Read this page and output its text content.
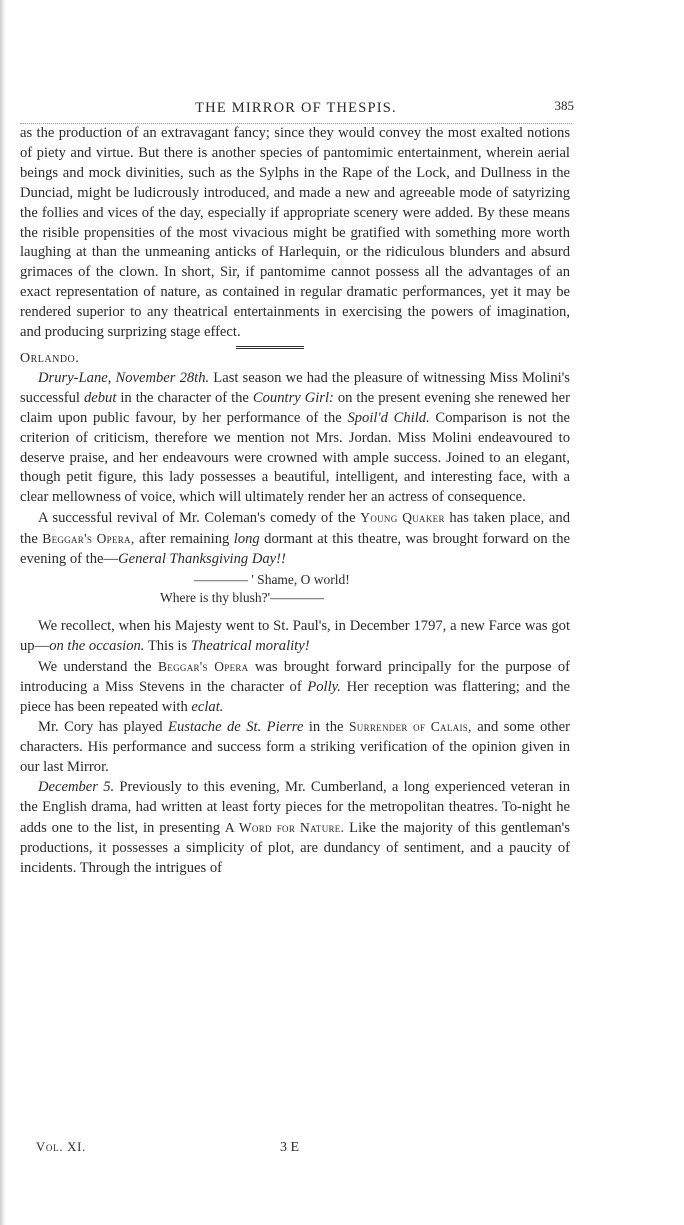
THE MIRROR OF THESPIS.	385

as the production of an extravagant fancy; since they would convey the most exalted notions of piety and virtue. But there is another species of pantomimic entertainment, wherein aerial beings and mock divinities, such as the Sylphs in the Rape of the Lock, and Dullness in the Dunciad, might be ludicrously introduced, and made a new and agreeable mode of satyrizing the follies and vices of the day, especially if appropriate scenery were added. By these means the risible propensities of the most vivacious might be gratified with something more worth laughing at than the unmeaning anticks of Harlequin, or the ridiculous blunders and absurd grimaces of the clown. In short, Sir, if pantomime cannot possess all the advantages of an exact representation of nature, as contained in regular dramatic performances, yet it may be rendered superior to any theatrical entertainments in exercising the powers of imagination, and producing surprizing stage effect.

Orlando.

Drury-Lane, November 28th. Last season we had the pleasure of witnessing Miss Molini's successful debut in the character of the Country Girl: on the present evening she renewed her claim upon public favour, by her performance of the Spoil'd Child. Comparison is not the criterion of criticism, therefore we mention not Mrs. Jordan. Miss Molini endeavoured to deserve praise, and her endeavours were crowned with ample success. Joined to an elegant, though petit figure, this lady possesses a beautiful, intelligent, and interesting face, with a clear mellowness of voice, which will ultimately render her an actress of consequence.

A successful revival of Mr. Coleman's comedy of the Young Quaker has taken place, and the Beggar's Opera, after remaining long dormant at this theatre, was brought forward on the evening of the—General Thanksgiving Day!!

———— ' Shame, O world!
Where is thy blush?'————

We recollect, when his Majesty went to St. Paul's, in December 1797, a new Farce was got up—on the occasion. This is Theatrical morality!

We understand the Beggar's Opera was brought forward principally for the purpose of introducing a Miss Stevens in the character of Polly. Her reception was flattering; and the piece has been repeated with eclat.

Mr. Cory has played Eustache de St. Pierre in the Surrender of Calais, and some other characters. His performance and success form a striking verification of the opinion given in our last Mirror.

December 5. Previously to this evening, Mr. Cumberland, a long experienced veteran in the English drama, had written at least forty pieces for the metropolitan theatres. To-night he adds one to the list, in presenting A Word for Nature. Like the majority of this gentleman's productions, it possesses a simplicity of plot, are dundancy of sentiment, and a paucity of incidents. Through the intrigues of

Vol. XI.	3 E
